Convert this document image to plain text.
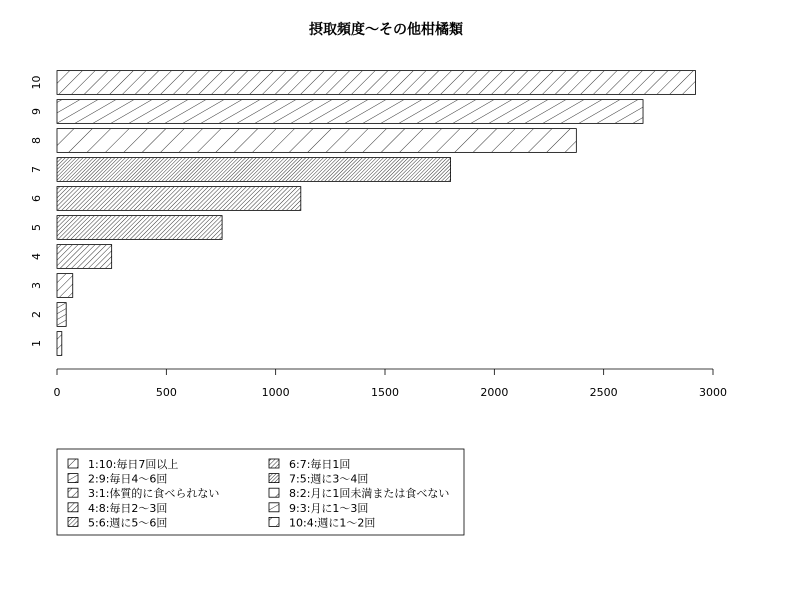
摂取頻度〜その他柑橘類
1
2
3
4
5
6
7
8
9
10
0	500	1000	1500	2000	2500	3000
1:10:毎日7回以上
2:9:毎日4〜6回
3:1:体質的に食べられない
4:8:毎日2〜3回
5:6:週に5〜6回
6:7:毎日1回
7:5:週に3〜4回
8:2:月に1回未満または食べない
9:3:月に1〜3回
10:4:週に1〜2回
